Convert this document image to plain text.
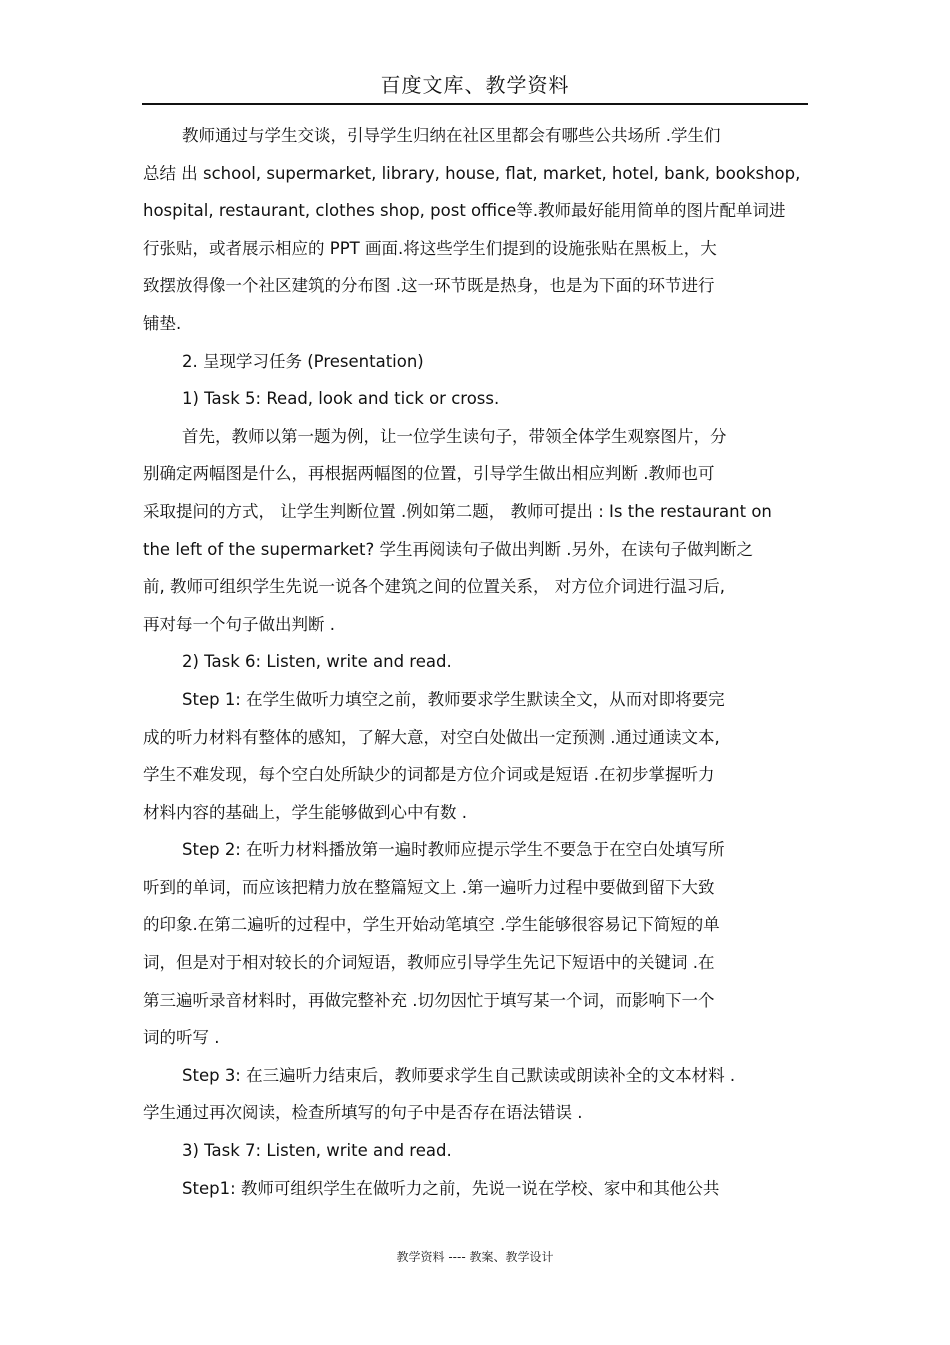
百度文库、教学资料
教师通过与学生交谈，引导学生归纳在社区里都会有哪些公共场所 .学生们
总结 出 school, supermarket, library, house, flat, market, hotel, bank, bookshop,
hospital, restaurant, clothes shop, post office等.教师最好能用简单的图片配单词进
行张贴，或者展示相应的 PPT 画面.将这些学生们提到的设施张贴在黑板上，大
致摆放得像一个社区建筑的分布图 .这一环节既是热身，也是为下面的环节进行
铺垫.
2. 呈现学习任务 (Presentation)
1) Task 5: Read, look and tick or cross.
首先，教师以第一题为例，让一位学生读句子，带领全体学生观察图片，分
别确定两幅图是什么，再根据两幅图的位置，引导学生做出相应判断 .教师也可
采取提问的方式， 让学生判断位置 .例如第二题， 教师可提出 : Is the restaurant on
the left of the supermarket? 学生再阅读句子做出判断 .另外，在读句子做判断之
前, 教师可组织学生先说一说各个建筑之间的位置关系， 对方位介词进行温习后,
再对每一个句子做出判断 .
2) Task 6: Listen, write and read.
Step 1: 在学生做听力填空之前，教师要求学生默读全文，从而对即将要完
成的听力材料有整体的感知，了解大意，对空白处做出一定预测 .通过通读文本,
学生不难发现，每个空白处所缺少的词都是方位介词或是短语 .在初步掌握听力
材料内容的基础上，学生能够做到心中有数 .
Step 2: 在听力材料播放第一遍时教师应提示学生不要急于在空白处填写所
听到的单词，而应该把精力放在整篇短文上 .第一遍听力过程中要做到留下大致
的印象.在第二遍听的过程中，学生开始动笔填空 .学生能够很容易记下简短的单
词，但是对于相对较长的介词短语，教师应引导学生先记下短语中的关键词 .在
第三遍听录音材料时，再做完整补充 .切勿因忙于填写某一个词，而影响下一个
词的听写 .
Step 3: 在三遍听力结束后，教师要求学生自己默读或朗读补全的文本材料 .
学生通过再次阅读，检查所填写的句子中是否存在语法错误 .
3) Task 7: Listen, write and read.
Step1: 教师可组织学生在做听力之前，先说一说在学校、家中和其他公共
教学资料 ---- 教案、教学设计
